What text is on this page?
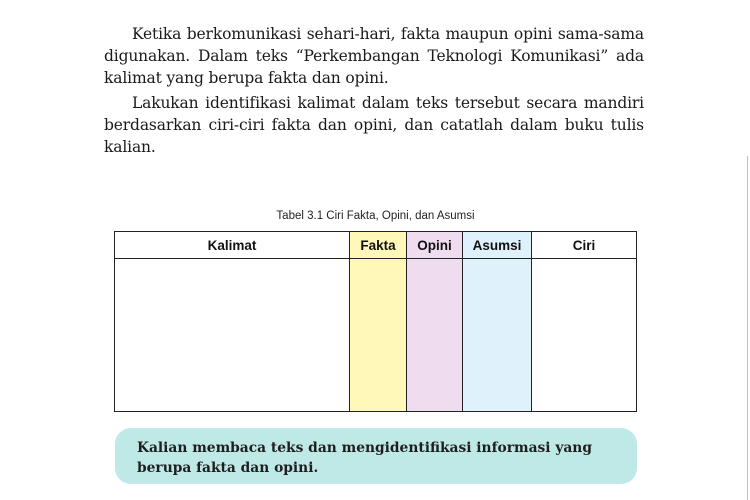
Ketika berkomunikasi sehari-hari, fakta maupun opini sama-sama digunakan. Dalam teks “Perkembangan Teknologi Komunikasi” ada kalimat yang berupa fakta dan opini.

Lakukan identifikasi kalimat dalam teks tersebut secara mandiri berdasarkan ciri-ciri fakta dan opini, dan catatlah dalam buku tulis kalian.

Tabel 3.1 Ciri Fakta, Opini, dan Asumsi
Kalimat	Fakta	Opini	Asumsi	Ciri

Kalian membaca teks dan mengidentifikasi informasi yang berupa fakta dan opini.
